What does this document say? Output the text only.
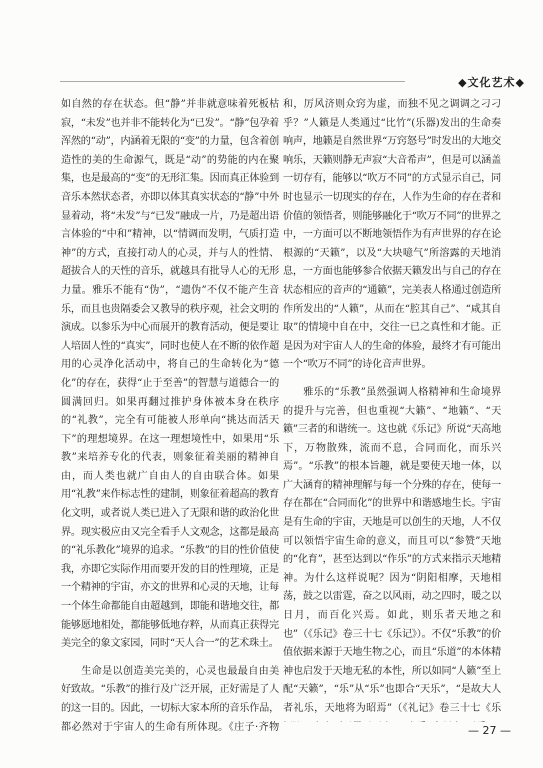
◆文化艺术◆

如自然的存在状态。但“静”并非就意味着死板枯寂，“未发”也并非不能转化为“已发”。“静”包孕着浑然的“动”，内涵着无限的“变”的力量，包含着创造性的美的生命源气，既是“动”的势能的内在聚集，也是最高的“变”的无形汇集。因而真正体验到音乐本然状态者，亦即以体其真实状态的“静”中外显着动，将“未发”与“已发”融成一片，乃是超出语言体验的“中和”精神，以“情调而发明，气质打造神”的方式，直接打动人的心灵，并与人的性情、超拔合人的天性的音乐，就越具有批导人心的无形力量。雅乐不能有“伪”，“遗伪”不仅不能产生音乐，而且也贵隔委会又教导的秩序观，社会文明的演成。以参乐为中心而展开的教育活动，便是要让人培固人性的“真实”，同时也使人在不断的依作超用的心灵净化活动中，将自己的生命转化为“德化”的存在，获得“止于至善”的智慧与道德合一的圆满回归。如果再翻过推护身体被本身在秩序的“礼教”，完全有可能被人形单向“挑达而活天下”的理想境界。在这一理想境性中，如果用“乐教”来培养专化的代表，则象征着美丽的精神自由，而人类也就广自由人的自由联合体。如果用“礼教”来作标志性的建制，则象征着超高的教育化文明，或者说人类已进入了无限和谐的政治化世界。现实极应由又完全看手人文观念，这都是最高的“礼乐教化”境界的追求。“乐教”的目的性价值使我，亦即它实际作用而要开发的目的性理境，正是一个精神的宇宙，亦文的世界和心灵的天地，让每一个体生命都能自由超越到，即能和谐地交往，都能够愿地相处，都能够低地存粹，从而真正获得完美完全的象文家园，同时“天人合一”的艺术珠土。

生命是以创造美完美的，心灵也最最自由美好致故。“乐教”的推行及广泛开展，正好需是了人的这一目的。因此，一切标大家本所的音乐作品，都必然对于宇宙人的生命有所体现。《庄子·齐物

和，厉风济则众窍为虚，而独不见之调调之刁刁乎？”人籁是人类通过“比竹”(乐器)发出的生命奏响声，地籁是自然世界“万窍怒号”时发出的大地交响乐，天籁则静无声寂“大音希声”，但是可以涵盖一切存有，能够以“吹万不同”的方式显示自己，同时也显示一切现实的存在，人作为生命的存在者和价值的领悟者，则能够融化于“吹万不同”的世界之中，一方面可以不断地领悟作为有声世界的存在论根源的“天籁”，以及“大块噫气”所溶露的天地消息，一方面也能够参合依据天籁发出与自己的存在状态相应的音声的“通籁”，完美表人格通过创造所作所发出的“人籁”，从而在“腔其自己”、“咸其自取”的情境中自在中，交往一已之真性和才能。正是因为对宇宙人人的生命的体验，最终才有可能出一个“吹万不同”的诗化音声世界。

雅乐的“乐教”虽然强调人格精神和生命境界的提升与完善，但也重视“大籁”、“地籁”、“天籁”三者的和谐统一。这也就《乐记》所说“天高地下，万物散殊，流而不息，合同而化，而乐兴焉”。“乐教”的根本旨趣，就是要使天地一体，以广大涵育的精神理解与每一个分殊的存在，使每一存在都在“合同而化”的世界中和谐感地生长。宇宙是有生命的宇宙，天地是可以创生的天地，人不仅可以领悟宇宙生命的意义，而且可以“参赞”天地的“化育”，甚至达到以“作乐”的方式来指示天地精神。为什么这样说呢？因为“阴阳相摩，天地相荡，鼓之以雷霆，奋之以风雨，动之四时，暖之以日月，而百化兴焉。如此，则乐者天地之和也”（《乐记》卷三十七《乐记》）。不仅“乐教”的价值依据来源于天地生物之心，而且“乐道”的本体精神也启发于天地无私的本性，所以如同“人籁”至上配“天籁”，“乐”从“乐”也即合“天乐”，“是故大人者礼乐，天地将为昭焉”（《礼记》卷三十七《乐

— 27 —
